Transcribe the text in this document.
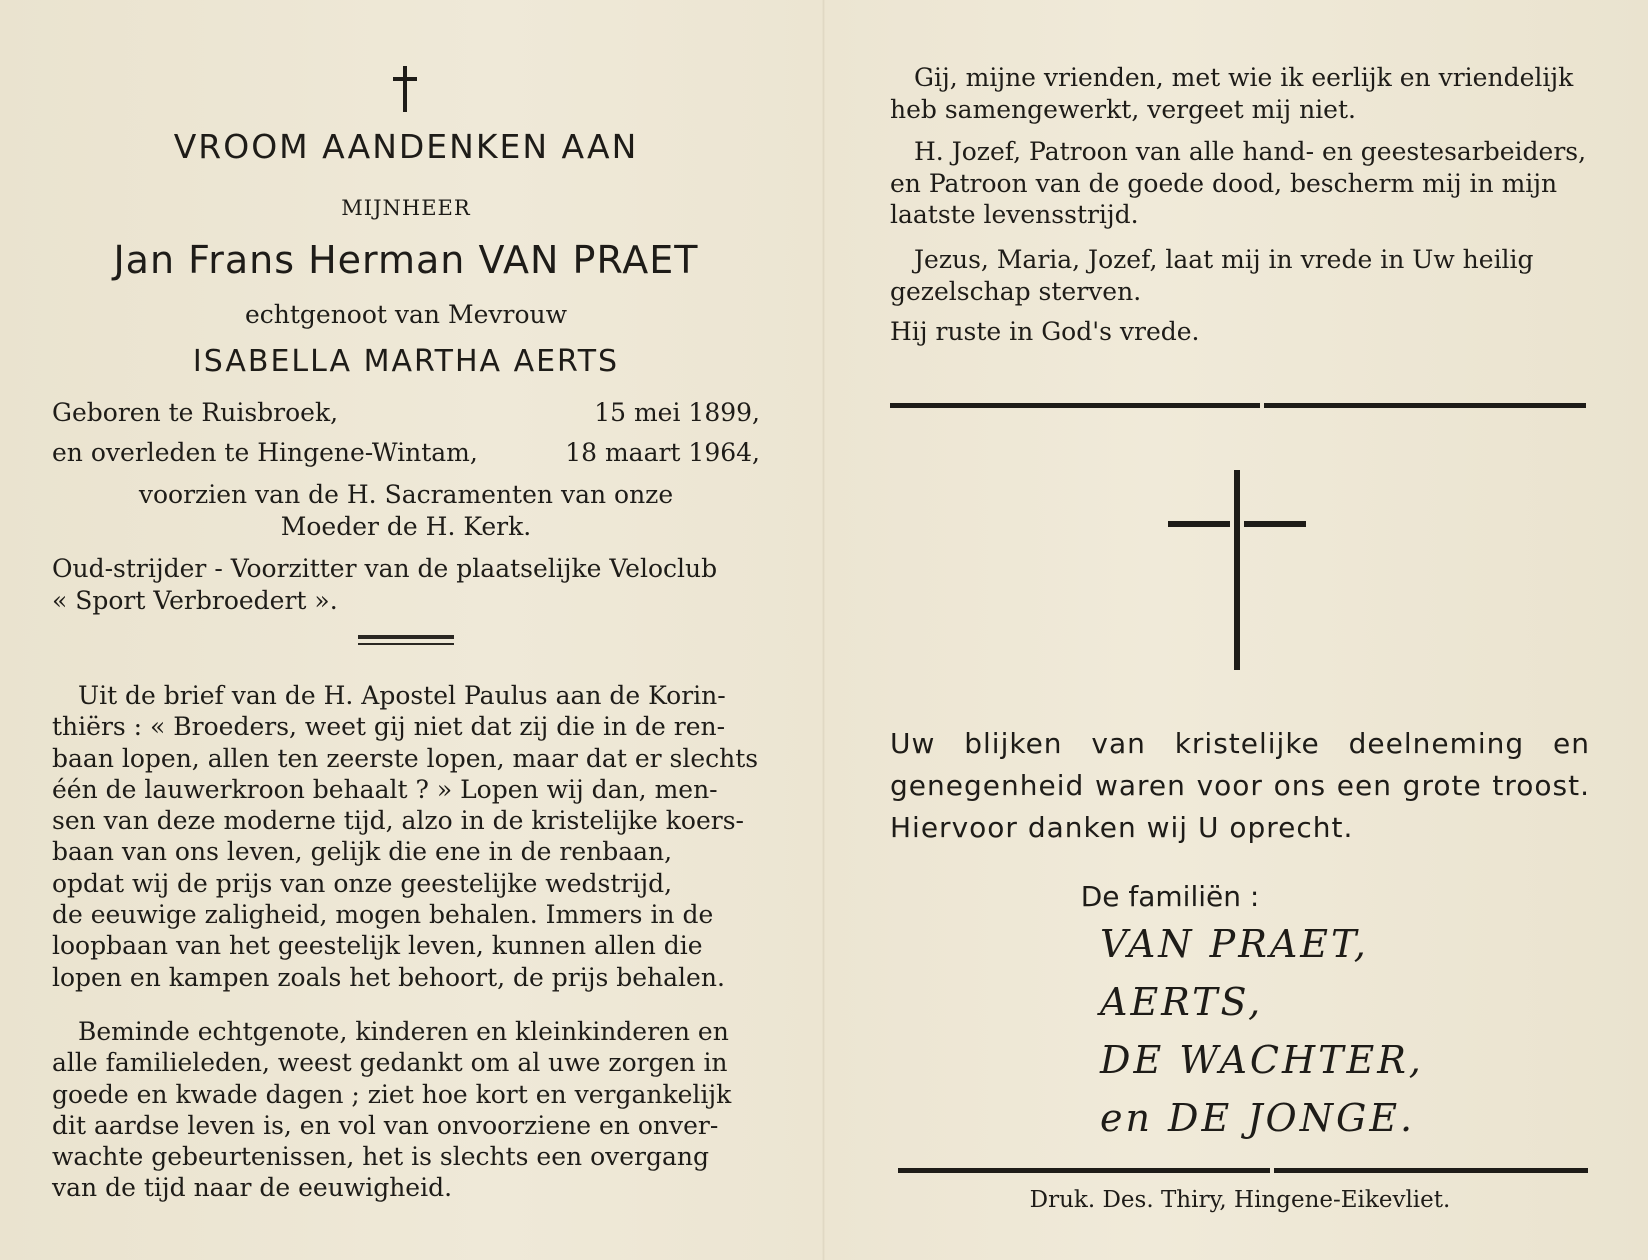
VROOM AANDENKEN AAN
MIJNHEER
Jan Frans Herman VAN PRAET
echtgenoot van Mevrouw
ISABELLA MARTHA AERTS
Geboren te Ruisbroek,	15 mei 1899,
en overleden te Hingene-Wintam,	18 maart 1964,
voorzien van de H. Sacramenten van onze
Moeder de H. Kerk.
Oud-strijder - Voorzitter van de plaatselijke Veloclub
« Sport Verbroedert ».
Uit de brief van de H. Apostel Paulus aan de Korin-
thiërs : « Broeders, weet gij niet dat zij die in de ren-
baan lopen, allen ten zeerste lopen, maar dat er slechts
één de lauwerkroon behaalt ? » Lopen wij dan, men-
sen van deze moderne tijd, alzo in de kristelijke koers-
baan van ons leven, gelijk die ene in de renbaan,
opdat wij de prijs van onze geestelijke wedstrijd,
de eeuwige zaligheid, mogen behalen. Immers in de
loopbaan van het geestelijk leven, kunnen allen die
lopen en kampen zoals het behoort, de prijs behalen.
Beminde echtgenote, kinderen en kleinkinderen en
alle familieleden, weest gedankt om al uwe zorgen in
goede en kwade dagen ; ziet hoe kort en vergankelijk
dit aardse leven is, en vol van onvoorziene en onver-
wachte gebeurtenissen, het is slechts een overgang
van de tijd naar de eeuwigheid.
Gij, mijne vrienden, met wie ik eerlijk en vriendelijk
heb samengewerkt, vergeet mij niet.
H. Jozef, Patroon van alle hand- en geestesarbeiders,
en Patroon van de goede dood, bescherm mij in mijn
laatste levensstrijd.
Jezus, Maria, Jozef, laat mij in vrede in Uw heilig
gezelschap sterven.
Hij ruste in God's vrede.
Uw blijken van kristelijke deelneming en
genegenheid waren voor ons een grote troost.
Hiervoor danken wij U oprecht.
De familiën :
VAN PRAET,
AERTS,
DE WACHTER,
en DE JONGE.
Druk. Des. Thiry, Hingene-Eikevliet.
